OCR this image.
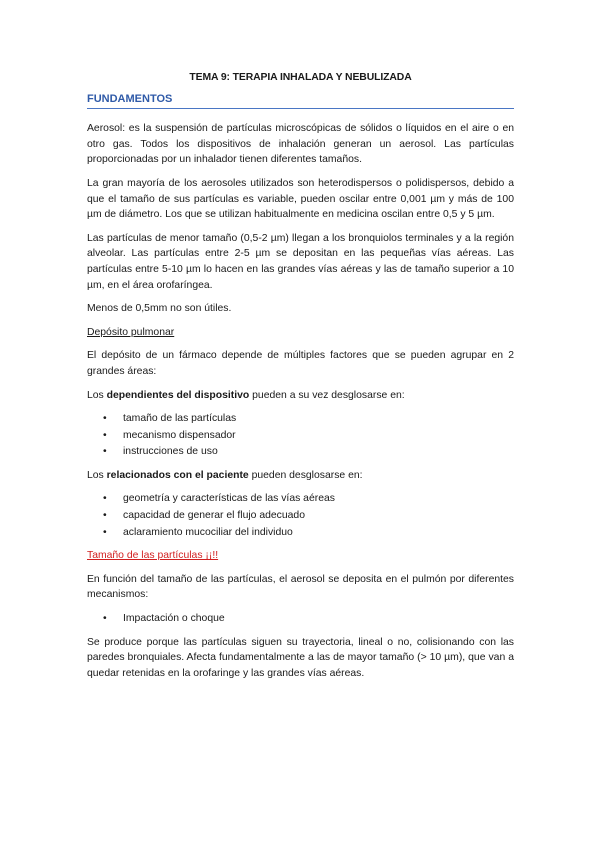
TEMA 9: TERAPIA INHALADA Y NEBULIZADA
FUNDAMENTOS

Aerosol: es la suspensión de partículas microscópicas de sólidos o líquidos en el aire o en otro gas. Todos los dispositivos de inhalación generan un aerosol. Las partículas proporcionadas por un inhalador tienen diferentes tamaños.

La gran mayoría de los aerosoles utilizados son heterodispersos o polidispersos, debido a que el tamaño de sus partículas es variable, pueden oscilar entre 0,001 µm y más de 100 µm de diámetro. Los que se utilizan habitualmente en medicina oscilan entre 0,5 y 5 µm.

Las partículas de menor tamaño (0,5-2 µm) llegan a los bronquiolos terminales y a la región alveolar. Las partículas entre 2-5 µm se depositan en las pequeñas vías aéreas. Las partículas entre 5-10 µm lo hacen en las grandes vías aéreas y las de tamaño superior a 10 µm, en el área orofaríngea.

Menos de 0,5mm no son útiles.

Depósito pulmonar

El depósito de un fármaco depende de múltiples factores que se pueden agrupar en 2 grandes áreas:

Los dependientes del dispositivo pueden a su vez desglosarse en:

• tamaño de las partículas
• mecanismo dispensador
• instrucciones de uso

Los relacionados con el paciente pueden desglosarse en:

• geometría y características de las vías aéreas
• capacidad de generar el flujo adecuado
• aclaramiento mucociliar del individuo

Tamaño de las partículas ¡¡!!

En función del tamaño de las partículas, el aerosol se deposita en el pulmón por diferentes mecanismos:

• Impactación o choque

Se produce porque las partículas siguen su trayectoria, lineal o no, colisionando con las paredes bronquiales. Afecta fundamentalmente a las de mayor tamaño (> 10 µm), que van a quedar retenidas en la orofaringe y las grandes vías aéreas.
